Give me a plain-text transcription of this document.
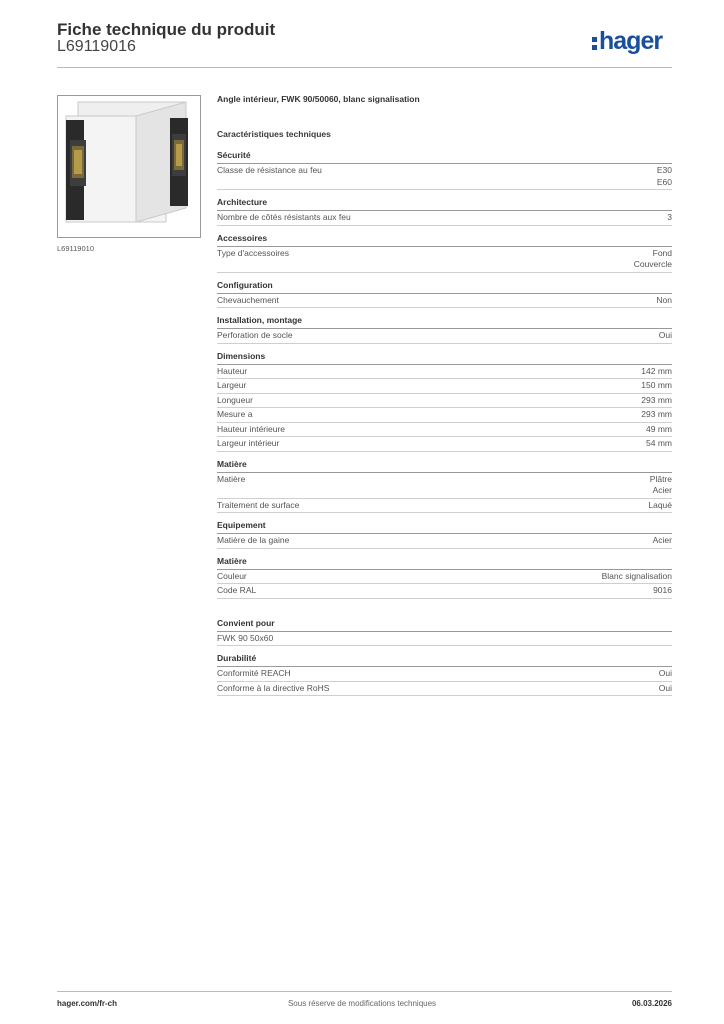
Fiche technique du produit
L69119016	hager
L69119010
Angle intérieur, FWK 90/50060, blanc signalisation
Caractéristiques techniques
Sécurité
Classe de résistance au feu	E30
E60
Architecture
Nombre de côtés résistants aux feu	3
Accessoires
Type d'accessoires	Fond
Couvercle
Configuration
Chevauchement	Non
Installation, montage
Perforation de socle	Oui
Dimensions
Hauteur	142 mm
Largeur	150 mm
Longueur	293 mm
Mesure a	293 mm
Hauteur intérieure	49 mm
Largeur intérieur	54 mm
Matière
Matière	Plâtre
Acier
Traitement de surface	Laqué
Equipement
Matière de la gaine	Acier
Matière
Couleur	Blanc signalisation
Code RAL	9016
Convient pour
FWK 90 50x60
Durabilité
Conformité REACH	Oui
Conforme à la directive RoHS	Oui
hager.com/fr-ch	Sous réserve de modifications techniques	06.03.2026
